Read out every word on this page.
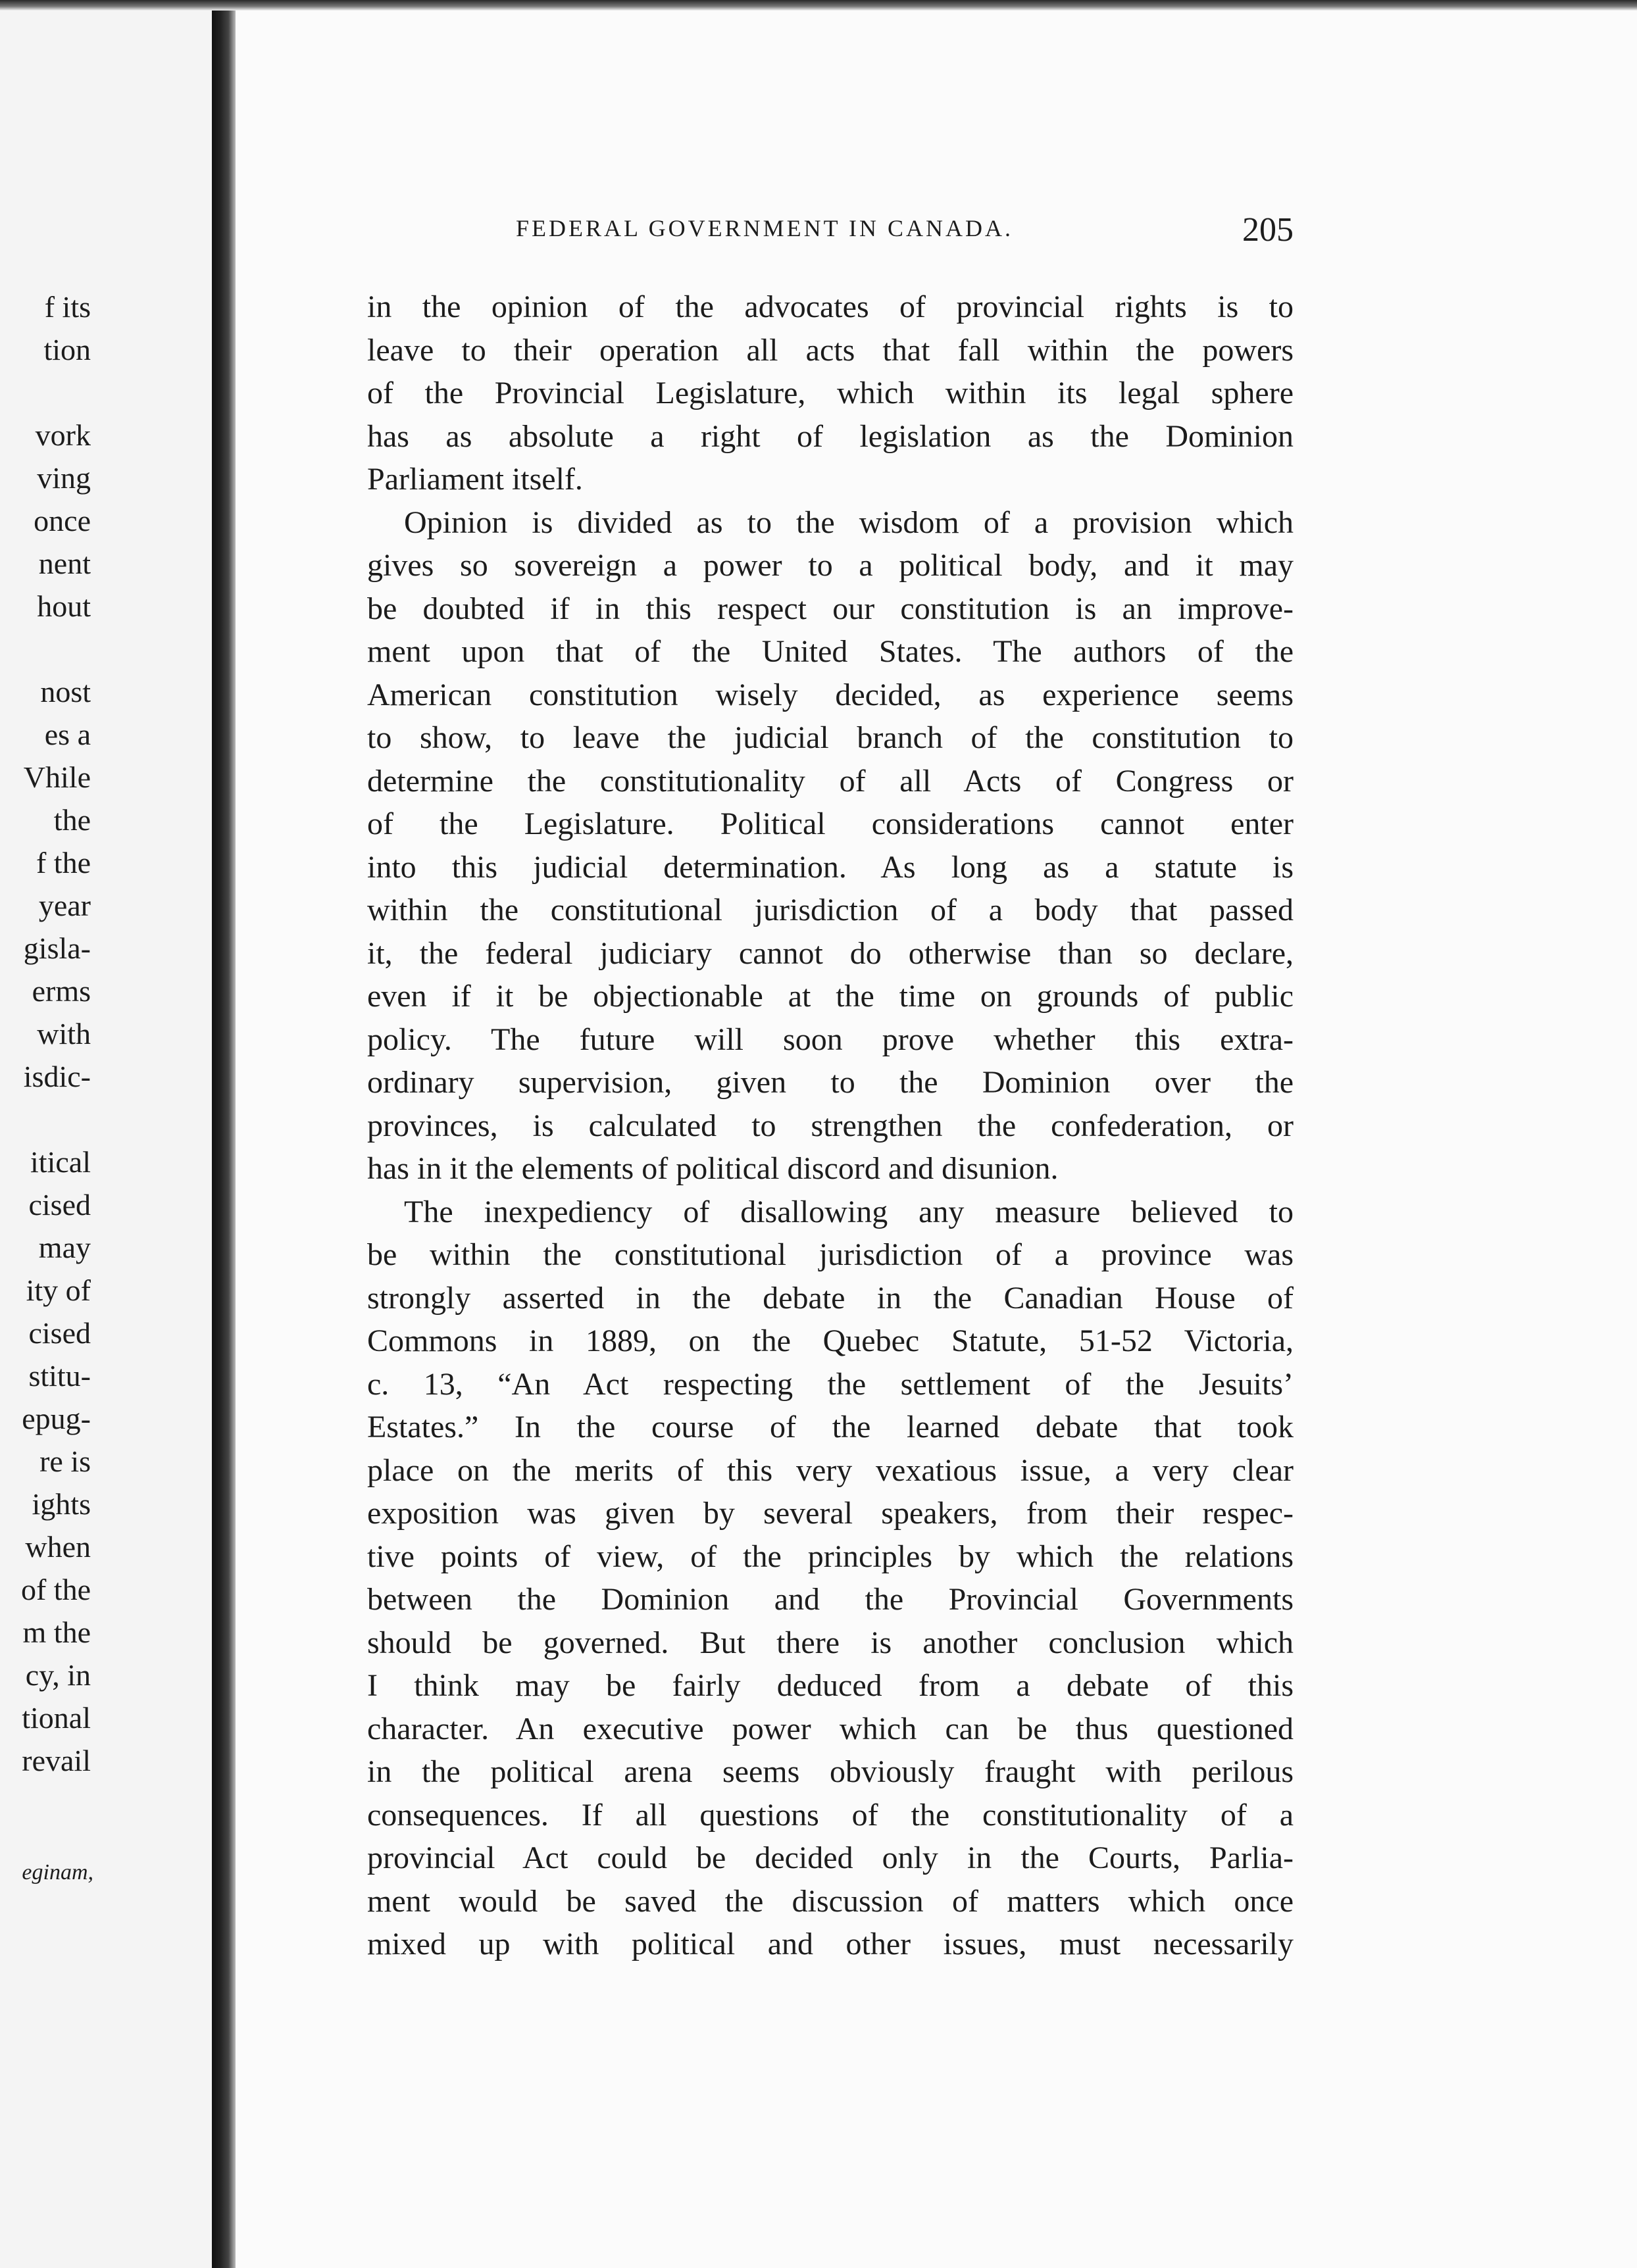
f its
tion
vork
ving
once
nent
hout
nost
es a
Vhile
the
f the
year
gisla-
erms
with
isdic-
itical
cised
may
ity of
cised
stitu-
epug-
re is
ights
when
of the
m the
cy, in
tional
revail
eginam,
FEDERAL GOVERNMENT IN CANADA.	205
in the opinion of the advocates of provincial rights is to
leave to their operation all acts that fall within the powers
of the Provincial Legislature, which within its legal sphere
has as absolute a right of legislation as the Dominion
Parliament itself.
Opinion is divided as to the wisdom of a provision which
gives so sovereign a power to a political body, and it may
be doubted if in this respect our constitution is an improve-
ment upon that of the United States. The authors of the
American constitution wisely decided, as experience seems
to show, to leave the judicial branch of the constitution to
determine the constitutionality of all Acts of Congress or
of the Legislature. Political considerations cannot enter
into this judicial determination. As long as a statute is
within the constitutional jurisdiction of a body that passed
it, the federal judiciary cannot do otherwise than so declare,
even if it be objectionable at the time on grounds of public
policy. The future will soon prove whether this extra-
ordinary supervision, given to the Dominion over the
provinces, is calculated to strengthen the confederation, or
has in it the elements of political discord and disunion.
The inexpediency of disallowing any measure believed to
be within the constitutional jurisdiction of a province was
strongly asserted in the debate in the Canadian House of
Commons in 1889, on the Quebec Statute, 51-52 Victoria,
c. 13, “An Act respecting the settlement of the Jesuits’
Estates.” In the course of the learned debate that took
place on the merits of this very vexatious issue, a very clear
exposition was given by several speakers, from their respec-
tive points of view, of the principles by which the relations
between the Dominion and the Provincial Governments
should be governed. But there is another conclusion which
I think may be fairly deduced from a debate of this
character. An executive power which can be thus questioned
in the political arena seems obviously fraught with perilous
consequences. If all questions of the constitutionality of a
provincial Act could be decided only in the Courts, Parlia-
ment would be saved the discussion of matters which once
mixed up with political and other issues, must necessarily
